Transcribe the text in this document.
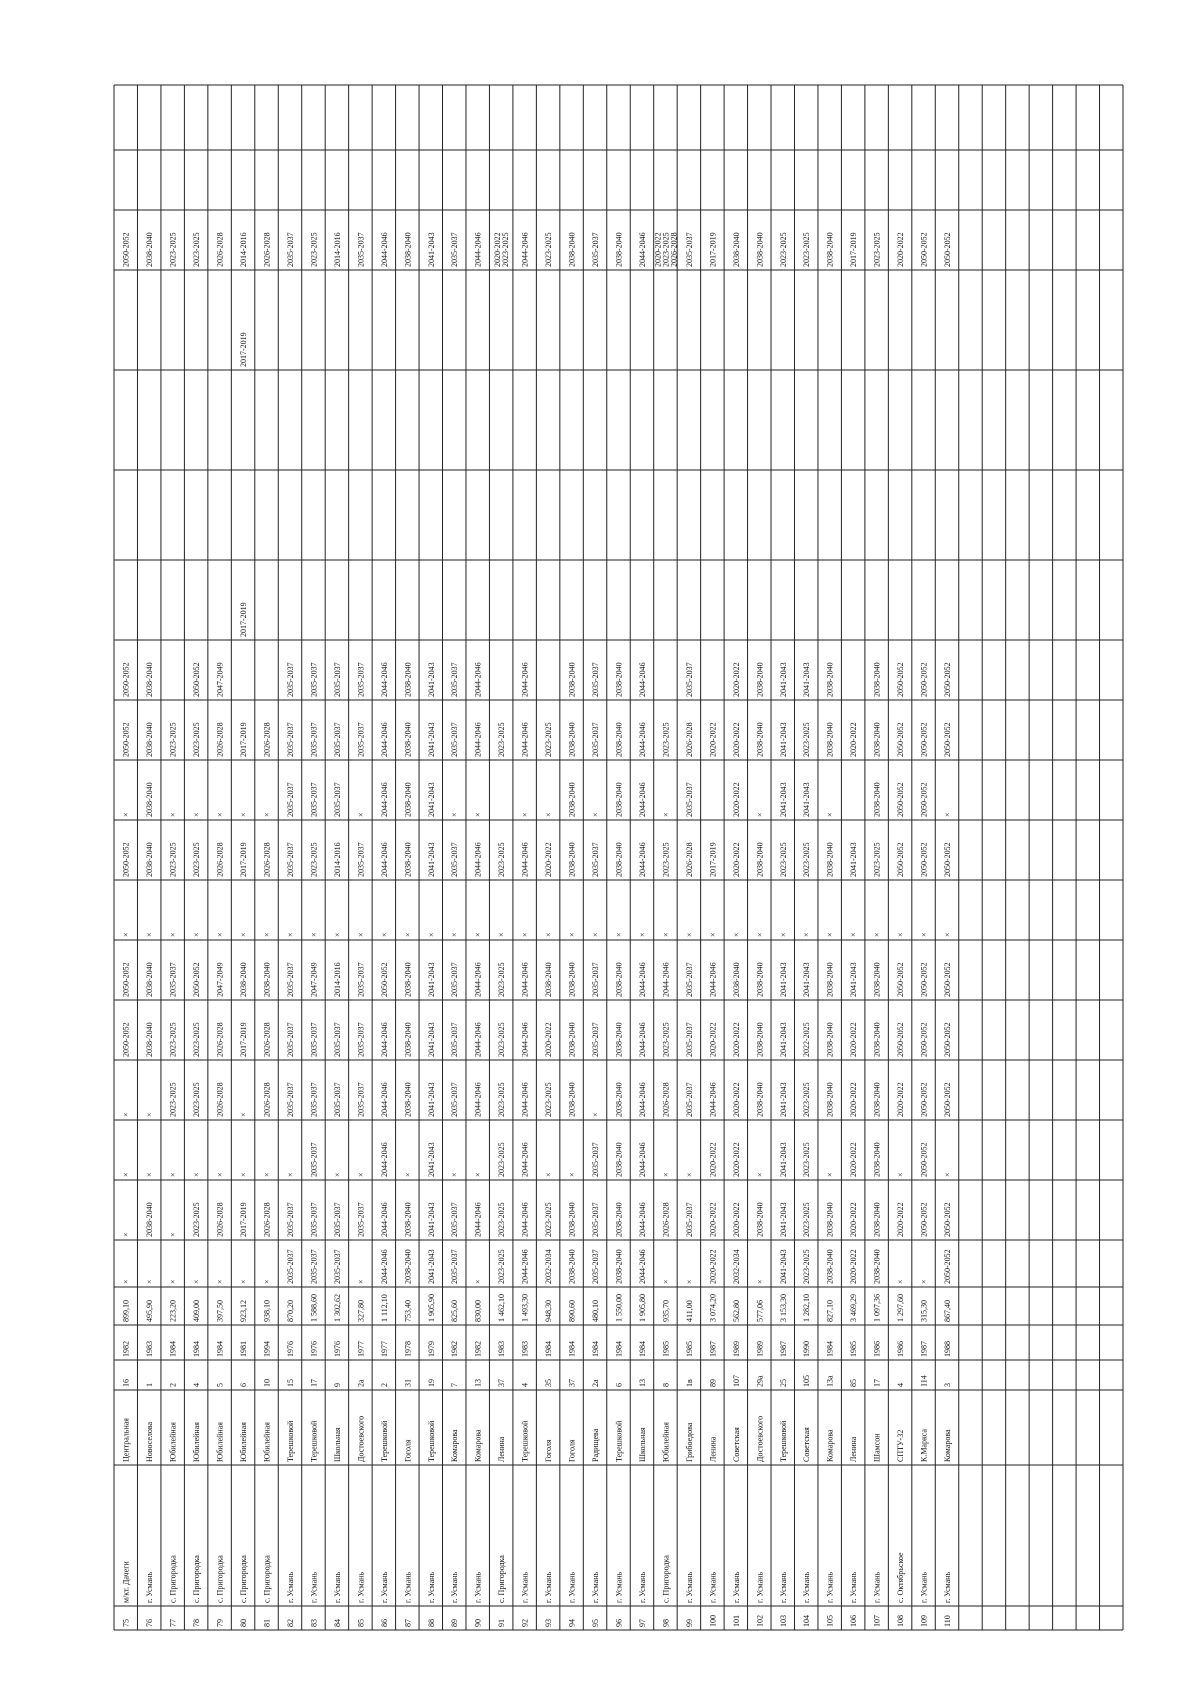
75
м/кт. Дачеги
Центральная
16
1982
899,10
×
×
×
×
2050-2052
2050-2052
×
2050-2052
×
2050-2052
2050-2052
2050-2052
76
г. Усмань
Новоселова
1
1983
495,90
×
2038-2040
×
×
2038-2040
2038-2040
×
2038-2040
2038-2040
2038-2040
2038-2040
2038-2040
77
с. Пригородка
Юбилейная
2
1984
223,20
×
×
×
2023-2025
2023-2025
2035-2037
×
2023-2025
×
2023-2025
2023-2025
78
с. Пригородка
Юбилейная
4
1984
409,00
×
2023-2025
×
2023-2025
2023-2025
2050-2052
×
2023-2025
×
2023-2025
2050-2052
2023-2025
79
с. Пригородка
Юбилейная
5
1984
397,50
×
2026-2028
×
2026-2028
2026-2028
2047-2049
×
2026-2028
×
2026-2028
2047-2049
2026-2028
80
с. Пригородка
Юбилейная
6
1981
923,12
×
2017-2019
×
×
2017-2019
2038-2040
×
2017-2019
×
2017-2019
2017-2019
2017-2019
2014-2016
81
с. Пригородка
Юбилейная
10
1994
938,10
×
2026-2028
×
2026-2028
2026-2028
2038-2040
×
2026-2028
×
2026-2028
2026-2028
82
г. Усмань
Терешковой
15
1976
870,20
2035-2037
2035-2037
×
2035-2037
2035-2037
2035-2037
×
2035-2037
2035-2037
2035-2037
2035-2037
2035-2037
83
г. Усмань
Терешковой
17
1976
1 588,60
2035-2037
2035-2037
2035-2037
2035-2037
2035-2037
2047-2049
×
2023-2025
2035-2037
2035-2037
2035-2037
2023-2025
84
г. Усмань
Школьная
9
1976
1 302,62
2035-2037
2035-2037
×
2035-2037
2035-2037
2014-2016
×
2014-2016
2035-2037
2035-2037
2035-2037
2014-2016
85
г. Усмань
Достоевского
2а
1977
327,80
×
2035-2037
×
2035-2037
2035-2037
2035-2037
×
2035-2037
×
2035-2037
2035-2037
2035-2037
86
г. Усмань
Терешковой
2
1977
1 112,10
2044-2046
2044-2046
2044-2046
2044-2046
2044-2046
2050-2052
×
2044-2046
2044-2046
2044-2046
2044-2046
2044-2046
87
г. Усмань
Гоголя
31
1978
753,40
2038-2040
2038-2040
×
2038-2040
2038-2040
2038-2040
×
2038-2040
2038-2040
2038-2040
2038-2040
2038-2040
88
г. Усмань
Терешковой
19
1979
1 905,90
2041-2043
2041-2043
2041-2043
2041-2043
2041-2043
2041-2043
×
2041-2043
2041-2043
2041-2043
2041-2043
2041-2043
89
г. Усмань
Комарова
7
1982
825,60
2035-2037
2035-2037
×
2035-2037
2035-2037
2035-2037
×
2035-2037
×
2035-2037
2035-2037
2035-2037
90
г. Усмань
Комарова
13
1982
830,00
×
2044-2046
×
2044-2046
2044-2046
2044-2046
×
2044-2046
×
2044-2046
2044-2046
2044-2046
91
с. Пригородка
Ленина
37
1983
1 462,10
2023-2025
2023-2025
2023-2025
2023-2025
2023-2025
2023-2025
×
2023-2025
2023-2025
2020-2022 2023-2025
92
г. Усмань
Терешковой
4
1983
1 493,30
2044-2046
2044-2046
2044-2046
2044-2046
2044-2046
2044-2046
×
2044-2046
×
2044-2046
2044-2046
2044-2046
93
г. Усмань
Гоголя
35
1984
948,30
2032-2034
2023-2025
×
2023-2025
2020-2022
2038-2040
×
2020-2022
×
2023-2025
2023-2025
94
г. Усмань
Гоголя
37
1984
890,60
2038-2040
2038-2040
×
2038-2040
2038-2040
2038-2040
×
2038-2040
2038-2040
2038-2040
2038-2040
2038-2040
95
г. Усмань
Радищева
2а
1984
480,10
2035-2037
2035-2037
2035-2037
×
2035-2037
2035-2037
×
2035-2037
×
2035-2037
2035-2037
2035-2037
96
г. Усмань
Терешковой
6
1984
1 550,00
2038-2040
2038-2040
2038-2040
2038-2040
2038-2040
2038-2040
×
2038-2040
2038-2040
2038-2040
2038-2040
2038-2040
97
г. Усмань
Школьная
13
1984
1 905,80
2044-2046
2044-2046
2044-2046
2044-2046
2044-2046
2044-2046
×
2044-2046
2044-2046
2044-2046
2044-2046
2044-2046
98
с. Пригородка
Юбилейная
8
1985
935,70
×
2026-2028
×
2026-2028
2023-2025
2044-2046
×
2023-2025
×
2023-2025
2020-2022 2023-2025 2026-2028
99
г. Усмань
Грибоедова
1в
1985
411,00
×
2035-2037
×
2035-2037
2035-2037
2035-2037
×
2026-2028
2035-2037
2026-2028
2035-2037
2035-2037
100
г. Усмань
Ленина
89
1987
3 074,20
2020-2022
2020-2022
2020-2022
2044-2046
2020-2022
2044-2046
×
2017-2019
2020-2022
2017-2019
101
г. Усмань
Советская
107
1989
562,80
2032-2034
2020-2022
2020-2022
2020-2022
2020-2022
2038-2040
×
2020-2022
2020-2022
2020-2022
2020-2022
2038-2040
102
г. Усмань
Достоевского
29а
1989
577,06
×
2038-2040
×
2038-2040
2038-2040
2038-2040
×
2038-2040
×
2038-2040
2038-2040
2038-2040
103
г. Усмань
Терешковой
25
1987
3 153,30
2041-2043
2041-2043
2041-2043
2041-2043
2041-2043
2041-2043
×
2023-2025
2041-2043
2041-2043
2041-2043
2023-2025
104
г. Усмань
Советская
105
1990
1 282,10
2023-2025
2023-2025
2023-2025
2023-2025
2022-2025
2041-2043
×
2023-2025
2041-2043
2023-2025
2041-2043
2023-2025
105
г. Усмань
Комарова
13а
1984
827,10
2038-2040
2038-2040
×
2038-2040
2038-2040
2038-2040
×
2038-2040
×
2038-2040
2038-2040
2038-2040
106
г. Усмань
Ленина
85
1985
3 469,29
2020-2022
2020-2022
2020-2022
2020-2022
2020-2022
2041-2043
×
2041-2043
2020-2022
2017-2019
107
г. Усмань
Шамсон
17
1986
1 097,36
2038-2040
2038-2040
2038-2040
2038-2040
2038-2040
2038-2040
×
2023-2025
2038-2040
2038-2040
2038-2040
2023-2025
108
с. Октябрьское
СПТУ-32
4
1986
1 297,60
×
2020-2022
×
2020-2022
2050-2052
2050-2052
×
2050-2052
2050-2052
2050-2052
2050-2052
2020-2022
109
г. Усмань
К.Маркса
114
1987
315,30
×
2050-2052
2050-2052
2050-2052
2050-2052
2050-2052
×
2050-2052
2050-2052
2050-2052
2050-2052
2050-2052
110
г. Усмань
Комарова
3
1988
867,40
2050-2052
2050-2052
×
2050-2052
2050-2052
2050-2052
×
2050-2052
×
2050-2052
2050-2052
2050-2052
